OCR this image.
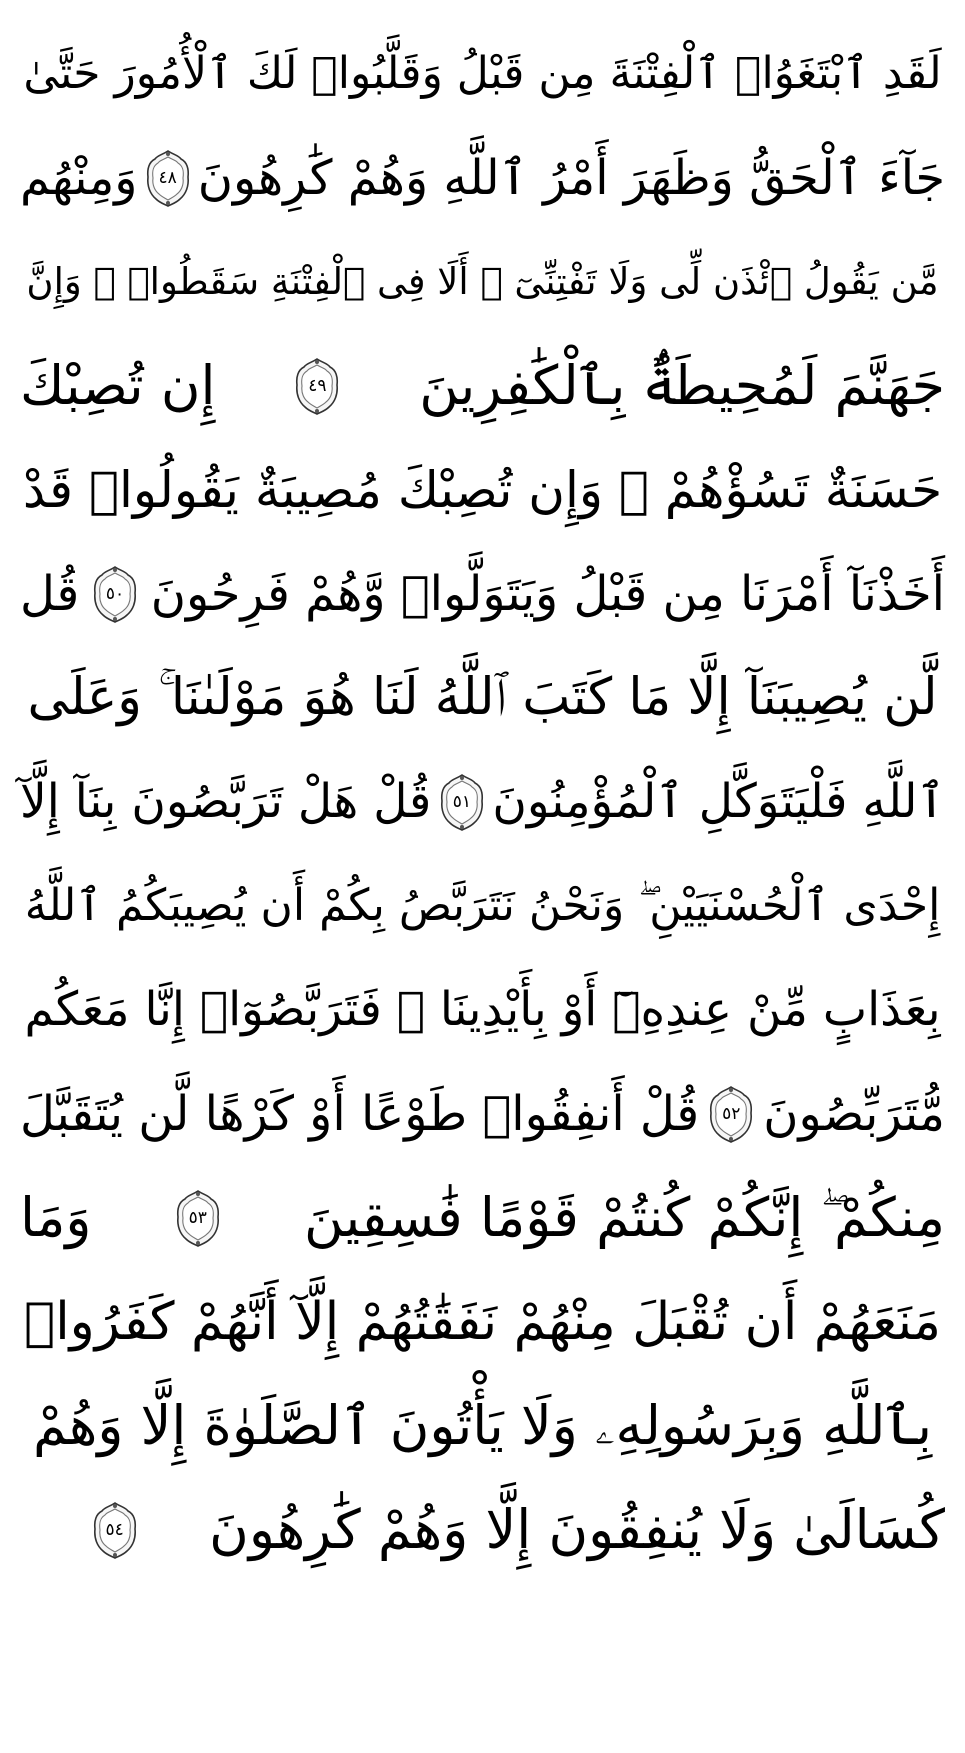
لَقَدِ ٱبْتَغَوُا۟ ٱلْفِتْنَةَ مِن قَبْلُ وَقَلَّبُوا۟ لَكَ ٱلْأُمُورَ حَتَّىٰ
جَآءَ ٱلْحَقُّ وَظَهَرَ أَمْرُ ٱللَّهِ وَهُمْ كَٰرِهُونَ
٤٨
وَمِنْهُم
مَّن يَقُولُ ٱئْذَن لِّى وَلَا تَفْتِنِّىٓ ۚ أَلَا فِى ٱلْفِتْنَةِ سَقَطُوا۟ ۗ وَإِنَّ
جَهَنَّمَ لَمُحِيطَةٌۢ بِٱلْكَٰفِرِينَ
٤٩
إِن تُصِبْكَ
حَسَنَةٌ تَسُؤْهُمْ ۖ وَإِن تُصِبْكَ مُصِيبَةٌ يَقُولُوا۟ قَدْ
أَخَذْنَآ أَمْرَنَا مِن قَبْلُ وَيَتَوَلَّوا۟ وَّهُمْ فَرِحُونَ
٥٠
قُل
لَّن يُصِيبَنَآ إِلَّا مَا كَتَبَ ٱللَّهُ لَنَا هُوَ مَوْلَىٰنَا ۚ وَعَلَى
ٱللَّهِ فَلْيَتَوَكَّلِ ٱلْمُؤْمِنُونَ
٥١
قُلْ هَلْ تَرَبَّصُونَ بِنَآ إِلَّآ
إِحْدَى ٱلْحُسْنَيَيْنِ ۖ وَنَحْنُ نَتَرَبَّصُ بِكُمْ أَن يُصِيبَكُمُ ٱللَّهُ
بِعَذَابٍ مِّنْ عِندِهِۦٓ أَوْ بِأَيْدِينَا ۖ فَتَرَبَّصُوٓا۟ إِنَّا مَعَكُم
مُّتَرَبِّصُونَ
٥٢
قُلْ أَنفِقُوا۟ طَوْعًا أَوْ كَرْهًا لَّن يُتَقَبَّلَ
مِنكُمْ ۖ إِنَّكُمْ كُنتُمْ قَوْمًا فَٰسِقِينَ
٥٣
وَمَا
مَنَعَهُمْ أَن تُقْبَلَ مِنْهُمْ نَفَقَٰتُهُمْ إِلَّآ أَنَّهُمْ كَفَرُوا۟
بِٱللَّهِ وَبِرَسُولِهِۦ وَلَا يَأْتُونَ ٱلصَّلَوٰةَ إِلَّا وَهُمْ
كُسَالَىٰ وَلَا يُنفِقُونَ إِلَّا وَهُمْ كَٰرِهُونَ
٥٤
